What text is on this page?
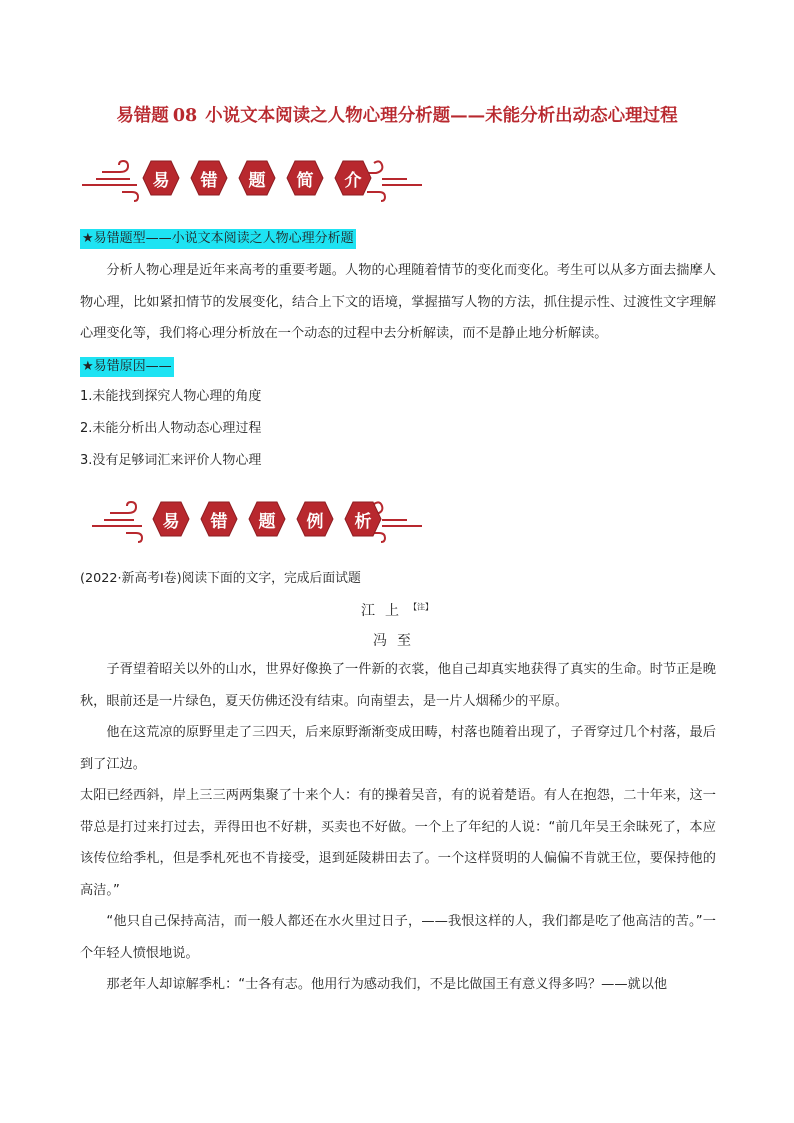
易错题 08 小说文本阅读之人物心理分析题——未能分析出动态心理过程
易 错 题 简 介
★易错题型——小说文本阅读之人物心理分析题

分析人物心理是近年来高考的重要考题。人物的心理随着情节的变化而变化。考生可以从多方面去揣摩人物心理，比如紧扣情节的发展变化，结合上下文的语境，掌握描写人物的方法，抓住提示性、过渡性文字理解心理变化等，我们将心理分析放在一个动态的过程中去分析解读，而不是静止地分析解读。

★易错原因——
1.未能找到探究人物心理的角度
2.未能分析出人物动态心理过程
3.没有足够词汇来评价人物心理
易 错 题 例 析
(2022·新高考Ⅰ卷)阅读下面的文字，完成后面试题
江上$^{【注】}$
冯至

子胥望着昭关以外的山水，世界好像换了一件新的衣裳，他自己却真实地获得了真实的生命。时节正是晚秋，眼前还是一片绿色，夏天仿佛还没有结束。向南望去，是一片人烟稀少的平原。

他在这荒凉的原野里走了三四天，后来原野渐渐变成田畴，村落也随着出现了，子胥穿过几个村落，最后到了江边。

太阳已经西斜，岸上三三两两集聚了十来个人：有的操着吴音，有的说着楚语。有人在抱怨，二十年来，这一带总是打过来打过去，弄得田也不好耕，买卖也不好做。一个上了年纪的人说：“前几年吴王余昧死了，本应该传位给季札，但是季札死也不肯接受，退到延陵耕田去了。一个这样贤明的人偏偏不肯就王位，要保持他的高洁。”

“他只自己保持高洁，而一般人都还在水火里过日子，——我恨这样的人，我们都是吃了他高洁的苦。”一个年轻人愤恨地说。

那老年人却谅解季札：“士各有志。他用行为感动我们，不是比做国王有意义得多吗？——就以他
